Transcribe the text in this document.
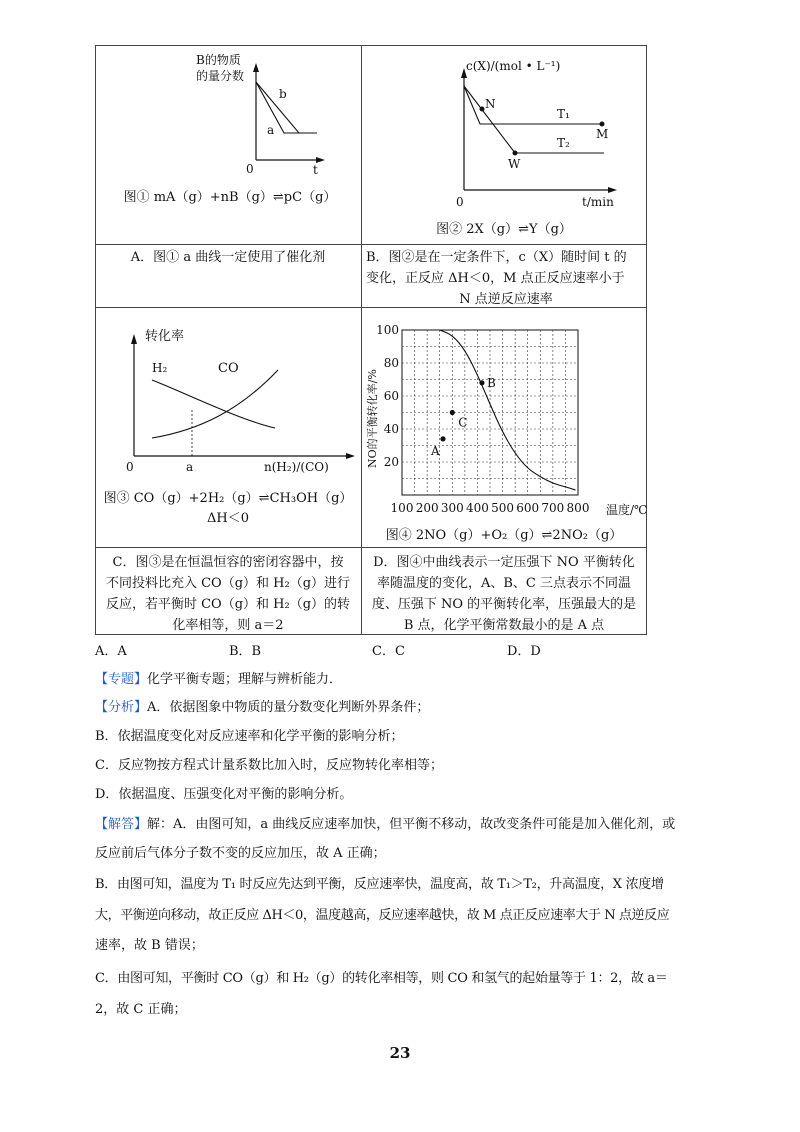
B的物质
的量分数
0	t
a
b
图① mA（g）+nB（g）⇌pC（g）
c(X)/(mol • L⁻¹)
0	t/min
N
M
W
T₁
T₂
图② 2X（g）⇌Y（g）
A．图① a 曲线一定使用了催化剂	B．图②是在一定条件下，c（X）随时间 t 的
变化，正反应 ΔH＜0，M 点正反应速率小于
N 点逆反应速率
转化率
0	a	n(H₂)/(CO)
H₂	CO
图③ CO（g）+2H₂（g）⇌CH₃OH（g）
ΔH＜0
NO的平衡转化率/%
温度/℃
100 200 300 400 500 600 700 800
20
40
60
80
100
A
B
C
图④ 2NO（g）+O₂（g）⇌2NO₂（g）
C．图③是在恒温恒容的密闭容器中，按
不同投料比充入 CO（g）和 H₂（g）进行
反应，若平衡时 CO（g）和 H₂（g）的转
化率相等，则 a＝2
D．图④中曲线表示一定压强下 NO 平衡转化
率随温度的变化，A、B、C 三点表示不同温
度、压强下 NO 的平衡转化率，压强最大的是
B 点，化学平衡常数最小的是 A 点
A．A	B．B	C．C	D．D
【专题】化学平衡专题；理解与辨析能力．
【分析】A．依据图象中物质的量分数变化判断外界条件；
B．依据温度变化对反应速率和化学平衡的影响分析；
C．反应物按方程式计量系数比加入时，反应物转化率相等；
D．依据温度、压强变化对平衡的影响分析。
【解答】解：A．由图可知，a 曲线反应速率加快，但平衡不移动，故改变条件可能是加入催化剂，或
反应前后气体分子数不变的反应加压，故 A 正确；
B．由图可知，温度为 T₁ 时反应先达到平衡，反应速率快，温度高，故 T₁＞T₂，升高温度，X 浓度增
大，平衡逆向移动，故正反应 ΔH＜0，温度越高，反应速率越快，故 M 点正反应速率大于 N 点逆反应
速率，故 B 错误；
C．由图可知，平衡时 CO（g）和 H₂（g）的转化率相等，则 CO 和氢气的起始量等于 1：2，故 a＝
2，故 C 正确；
23
